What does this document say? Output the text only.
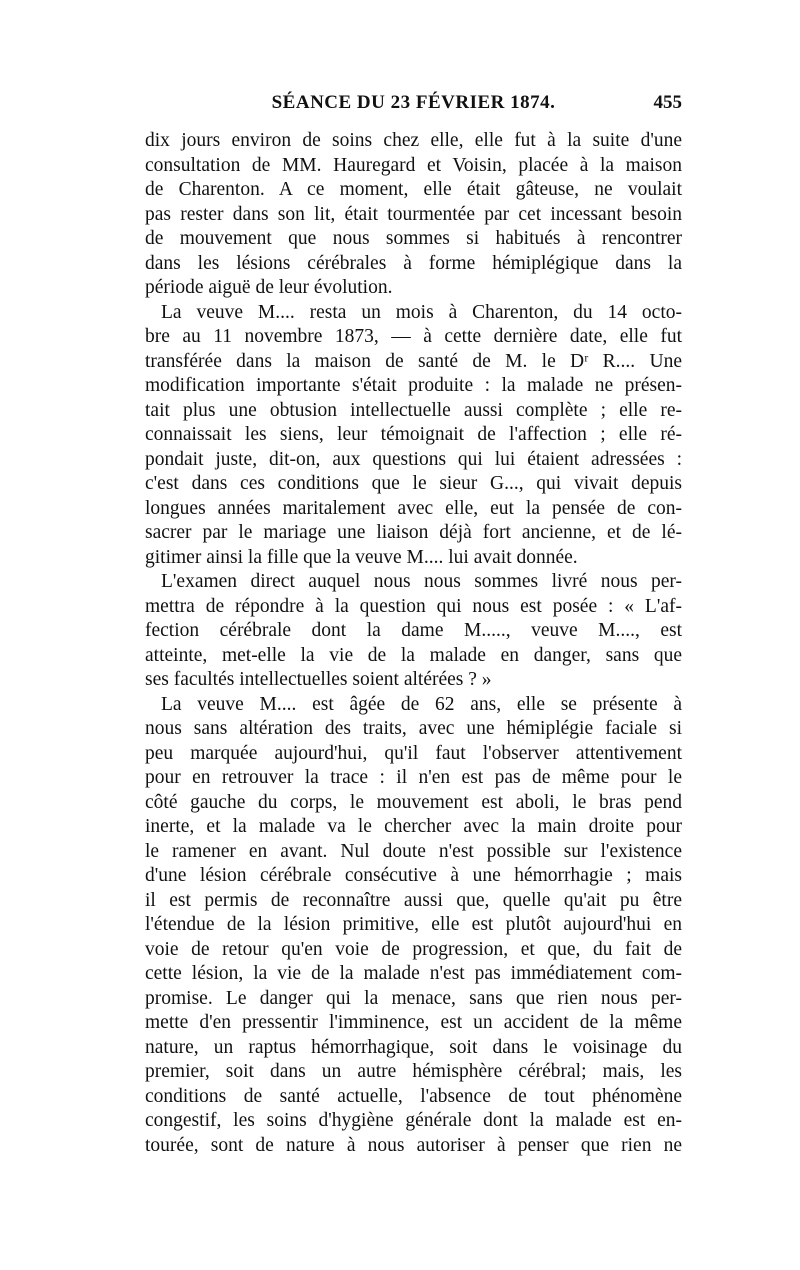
SÉANCE DU 23 FÉVRIER 1874.	455
dix jours environ de soins chez elle, elle fut à la suite d'une
consultation de MM. Hauregard et Voisin, placée à la maison
de Charenton. A ce moment, elle était gâteuse, ne voulait
pas rester dans son lit, était tourmentée par cet incessant besoin
de mouvement que nous sommes si habitués à rencontrer
dans les lésions cérébrales à forme hémiplégique dans la
période aiguë de leur évolution.
La veuve M.... resta un mois à Charenton, du 14 octo-
bre au 11 novembre 1873, — à cette dernière date, elle fut
transférée dans la maison de santé de M. le Dʳ R.... Une
modification importante s'était produite : la malade ne présen-
tait plus une obtusion intellectuelle aussi complète ; elle re-
connaissait les siens, leur témoignait de l'affection ; elle ré-
pondait juste, dit-on, aux questions qui lui étaient adressées :
c'est dans ces conditions que le sieur G..., qui vivait depuis
longues années maritalement avec elle, eut la pensée de con-
sacrer par le mariage une liaison déjà fort ancienne, et de lé-
gitimer ainsi la fille que la veuve M.... lui avait donnée.
L'examen direct auquel nous nous sommes livré nous per-
mettra de répondre à la question qui nous est posée : « L'af-
fection cérébrale dont la dame M....., veuve M...., est
atteinte, met-elle la vie de la malade en danger, sans que
ses facultés intellectuelles soient altérées ? »
La veuve M.... est âgée de 62 ans, elle se présente à
nous sans altération des traits, avec une hémiplégie faciale si
peu marquée aujourd'hui, qu'il faut l'observer attentivement
pour en retrouver la trace : il n'en est pas de même pour le
côté gauche du corps, le mouvement est aboli, le bras pend
inerte, et la malade va le chercher avec la main droite pour
le ramener en avant. Nul doute n'est possible sur l'existence
d'une lésion cérébrale consécutive à une hémorrhagie ; mais
il est permis de reconnaître aussi que, quelle qu'ait pu être
l'étendue de la lésion primitive, elle est plutôt aujourd'hui en
voie de retour qu'en voie de progression, et que, du fait de
cette lésion, la vie de la malade n'est pas immédiatement com-
promise. Le danger qui la menace, sans que rien nous per-
mette d'en pressentir l'imminence, est un accident de la même
nature, un raptus hémorrhagique, soit dans le voisinage du
premier, soit dans un autre hémisphère cérébral; mais, les
conditions de santé actuelle, l'absence de tout phénomène
congestif, les soins d'hygiène générale dont la malade est en-
tourée, sont de nature à nous autoriser à penser que rien ne
